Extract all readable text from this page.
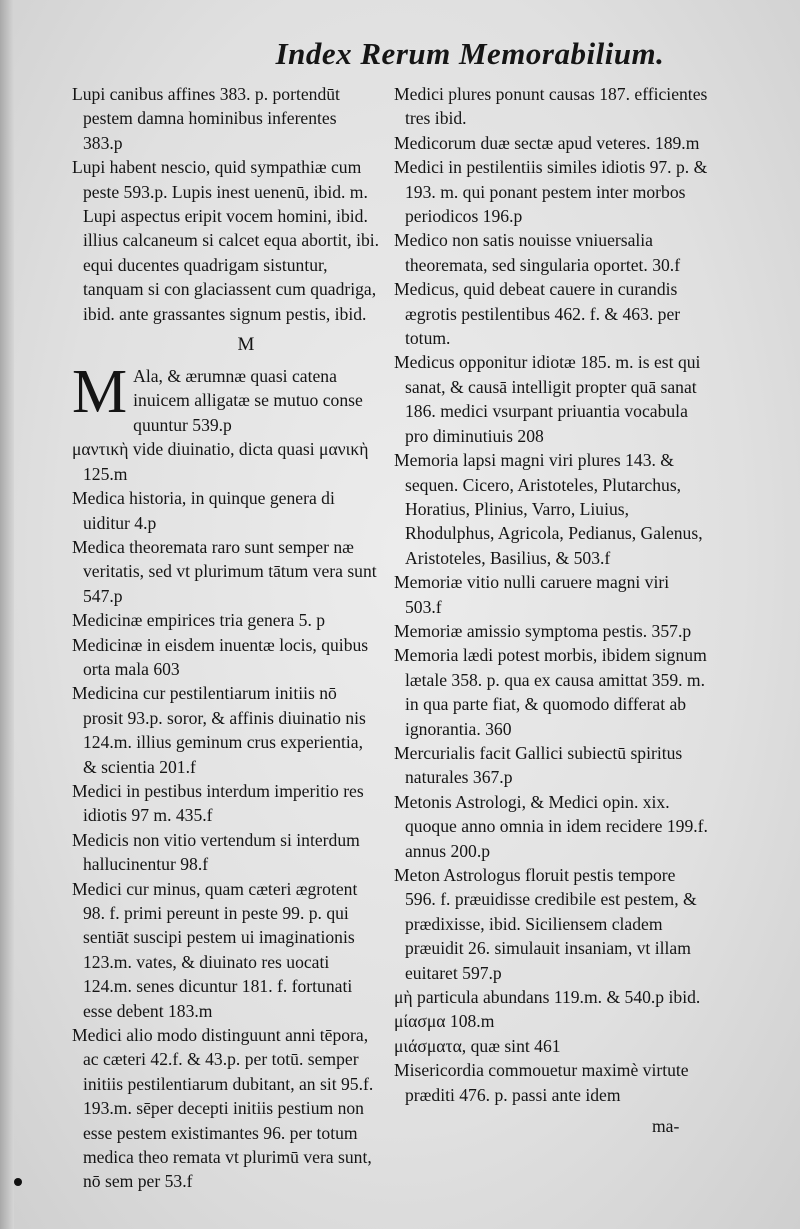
Index Rerum Memorabilium.

Lupi canibus affines 383. p. portendūt pestem damna hominibus inferentes 383.p

Lupi habent nescio, quid sympathiæ cum peste 593.p. Lupis inest uenenū, ibid. m. Lupi aspectus eripit vocem homini, ibid. illius calcaneum si calcet equa abortit, ibi. equi ducentes quadrigam sistuntur, tanquam si con glaciassent cum quadriga, ibid. ante grassantes signum pestis, ibid.

M

M Ala, & ærumnæ quasi catena inuicem alligatæ se mutuo conse quuntur 539.p

μαντικὴ vide diuinatio, dicta quasi μανικὴ 125.m

Medica historia, in quinque genera di uiditur 4.p

Medica theoremata raro sunt semper næ veritatis, sed vt plurimum tātum vera sunt 547.p

Medicinæ empirices tria genera 5. p

Medicinæ in eisdem inuentæ locis, quibus orta mala 603

Medicina cur pestilentiarum initiis nō prosit 93.p. soror, & affinis diuinatio nis 124.m. illius geminum crus experientia, & scientia 201.f

Medici in pestibus interdum imperitio res idiotis 97 m. 435.f

Medicis non vitio vertendum si interdum hallucinentur 98.f

Medici cur minus, quam cæteri ægrotent 98. f. primi pereunt in peste 99. p. qui sentiāt suscipi pestem ui imaginationis 123.m. vates, & diuinato res uocati 124.m. senes dicuntur 181. f. fortunati esse debent 183.m

Medici alio modo distinguunt anni tēpora, ac cæteri 42.f. & 43.p. per totū. semper initiis pestilentiarum dubitant, an sit 95.f. 193.m. sēper decepti initiis pestium non esse pestem existimantes 96. per totum medica theo remata vt plurimū vera sunt, nō sem per 53.f

Medici plures ponunt causas 187. efficientes tres ibid.

Medicorum duæ sectæ apud veteres. 189.m

Medici in pestilentiis similes idiotis 97. p. & 193. m. qui ponant pestem inter morbos periodicos 196.p

Medico non satis nouisse vniuersalia theoremata, sed singularia oportet. 30.f

Medicus, quid debeat cauere in curandis ægrotis pestilentibus 462. f. & 463. per totum.

Medicus opponitur idiotæ 185. m. is est qui sanat, & causā intelligit propter quā sanat 186. medici vsurpant priuantia vocabula pro diminutiuis 208

Memoria lapsi magni viri plures 143. & sequen. Cicero, Aristoteles, Plutarchus, Horatius, Plinius, Varro, Liuius, Rhodulphus, Agricola, Pedianus, Galenus, Aristoteles, Basilius, & 503.f

Memoriæ vitio nulli caruere magni viri 503.f

Memoriæ amissio symptoma pestis. 357.p

Memoria lædi potest morbis, ibidem signum lætale 358. p. qua ex causa amittat 359. m. in qua parte fiat, & quomodo differat ab ignorantia. 360

Mercurialis facit Gallici subiectū spiritus naturales 367.p

Metonis Astrologi, & Medici opin. xix. quoque anno omnia in idem recidere 199.f. annus 200.p

Meton Astrologus floruit pestis tempore 596. f. præuidisse credibile est pestem, & prædixisse, ibid. Siciliensem cladem præuidit 26. simulauit insaniam, vt illam euitaret 597.p

μὴ particula abundans 119.m. & 540.p ibid.

μίασμα 108.m

μιάσματα, quæ sint 461

Misericordia commouetur maximè virtute præditi 476. p. passi ante idem

ma-
